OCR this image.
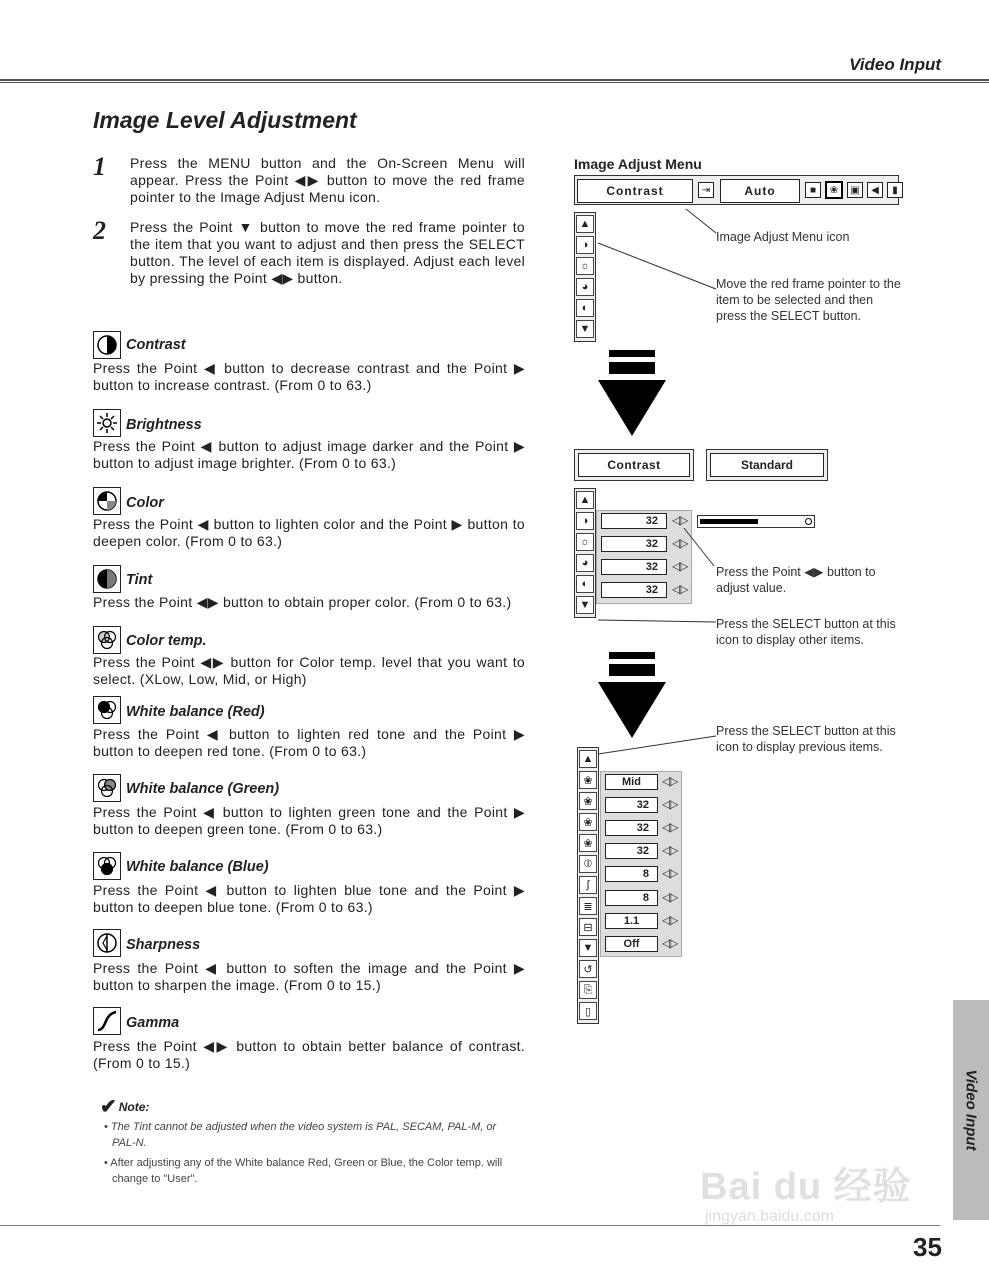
Video Input
Image Level Adjustment
1 Press the MENU button and the On-Screen Menu will appear. Press the Point ◀▶ button to move the red frame pointer to the Image Adjust Menu icon.
2 Press the Point ▼ button to move the red frame pointer to the item that you want to adjust and then press the SELECT button. The level of each item is displayed. Adjust each level by pressing the Point ◀▶ button.
Contrast
Press the Point ◀ button to decrease contrast and the Point ▶ button to increase contrast. (From 0 to 63.)
Brightness
Press the Point ◀ button to adjust image darker and the Point ▶ button to adjust image brighter. (From 0 to 63.)
Color
Press the Point ◀ button to lighten color and the Point ▶ button to deepen color. (From 0 to 63.)
Tint
Press the Point ◀▶ button to obtain proper color. (From 0 to 63.)
Color temp.
Press the Point ◀▶ button for Color temp. level that you want to select. (XLow, Low, Mid, or High)
White balance (Red)
Press the Point ◀ button to lighten red tone and the Point ▶ button to deepen red tone. (From 0 to 63.)
White balance (Green)
Press the Point ◀ button to lighten green tone and the Point ▶ button to deepen green tone. (From 0 to 63.)
White balance (Blue)
Press the Point ◀ button to lighten blue tone and the Point ▶ button to deepen blue tone. (From 0 to 63.)
Sharpness
Press the Point ◀ button to soften the image and the Point ▶ button to sharpen the image. (From 0 to 15.)
Gamma
Press the Point ◀▶ button to obtain better balance of contrast. (From 0 to 15.)
✔ Note:
• The Tint cannot be adjusted when the video system is PAL, SECAM, PAL-M, or PAL-N.
• After adjusting any of the White balance Red, Green or Blue, the Color temp. will change to "User".
Image Adjust Menu
Contrast	⇥	Auto	■	❀	▣	◀	▮
▲
◑
☼
◕
◐
▼
Image Adjust Menu icon
Move the red frame pointer to the item to be selected and then press the SELECT button.
Contrast	Standard
▲
◑
☼
◕
◐
▼
32
32
32
32
◁▷
◁▷
◁▷
◁▷
Press the Point ◀▶ button to adjust value.
Press the SELECT button at this icon to display other items.
▲
❀
❀
❀
❀
⦶
∫
≣
⊟
▼
↺
⎘
▯
Mid
32
32
32
8
8
1.1
Off
◁▷
◁▷
◁▷
◁▷
◁▷
◁▷
◁▷
◁▷
Press the SELECT button at this icon to display previous items.
Bai du 经验
jingyan.baidu.com
Video Input
35
